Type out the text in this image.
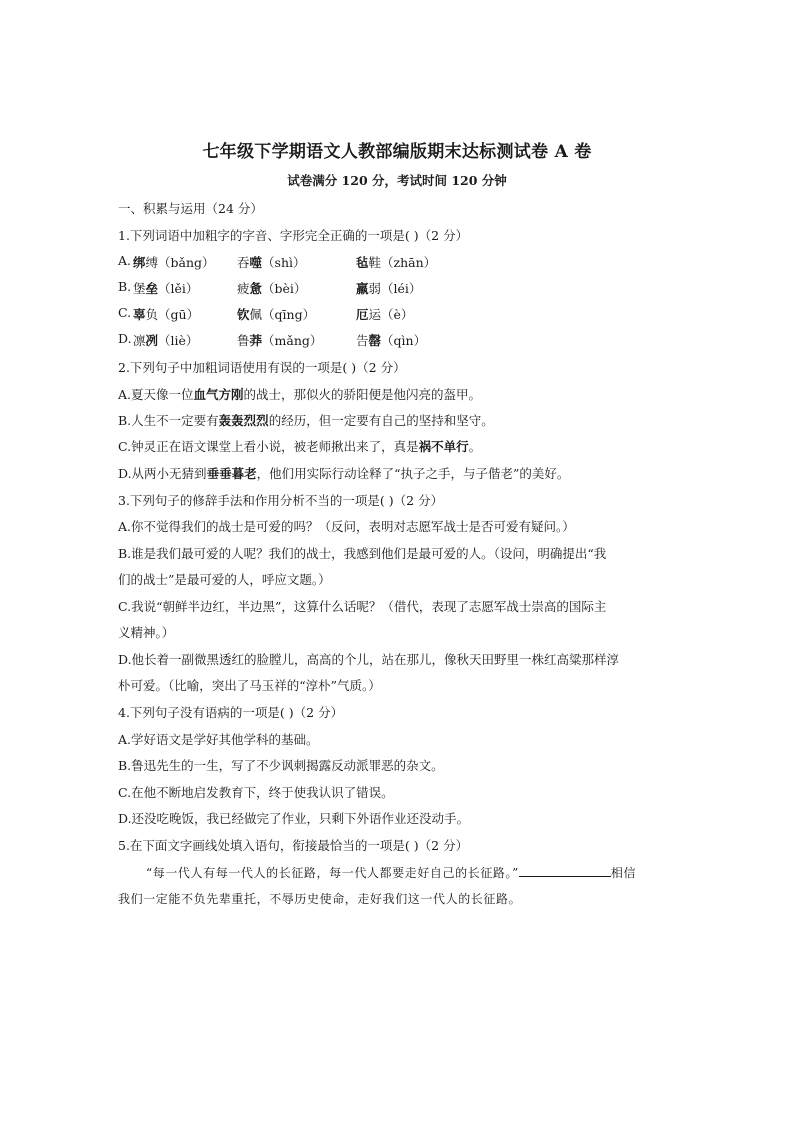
七年级下学期语文人教部编版期末达标测试卷 A 卷
试卷满分 120 分，考试时间 120 分钟
一、积累与运用（24 分）
1.下列词语中加粗字的字音、字形完全正确的一项是( )（2 分）
A. 绑缚（bǎng） 吞噬（shì）	毡鞋（zhān）
B. 堡垒（lěi）	疲惫（bèi）	羸弱（léi）
C. 辜负（gū）	钦佩（qīng）	厄运（è）
D. 凛冽（liè）	鲁莽（mǎng）	告罄（qìn）
2.下列句子中加粗词语使用有误的一项是( )（2 分）
A.夏天像一位血气方刚的战士，那似火的骄阳便是他闪亮的盔甲。
B.人生不一定要有轰轰烈烈的经历，但一定要有自己的坚持和坚守。
C.钟灵正在语文课堂上看小说，被老师揪出来了，真是祸不单行。
D.从两小无猜到垂垂暮老，他们用实际行动诠释了“执子之手，与子偕老”的美好。
3.下列句子的修辞手法和作用分析不当的一项是( )（2 分）
A.你不觉得我们的战士是可爱的吗？（反问，表明对志愿军战士是否可爱有疑问。）
B.谁是我们最可爱的人呢？我们的战士，我感到他们是最可爱的人。（设问，明确提出“我
们的战士”是最可爱的人，呼应文题。）
C.我说“朝鲜半边红，半边黑”，这算什么话呢？（借代，表现了志愿军战士崇高的国际主
义精神。）
D.他长着一副微黑透红的脸膛儿，高高的个儿，站在那儿，像秋天田野里一株红高粱那样淳
朴可爱。（比喻，突出了马玉祥的“淳朴”气质。）
4.下列句子没有语病的一项是( )（2 分）
A.学好语文是学好其他学科的基础。
B.鲁迅先生的一生，写了不少讽刺揭露反动派罪恶的杂文。
C.在他不断地启发教育下，终于使我认识了错误。
D.还没吃晚饭，我已经做完了作业，只剩下外语作业还没动手。
5.在下面文字画线处填入语句，衔接最恰当的一项是( )（2 分）
“每一代人有每一代人的长征路，每一代人都要走好自己的长征路。”	相信
我们一定能不负先辈重托，不辱历史使命，走好我们这一代人的长征路。
